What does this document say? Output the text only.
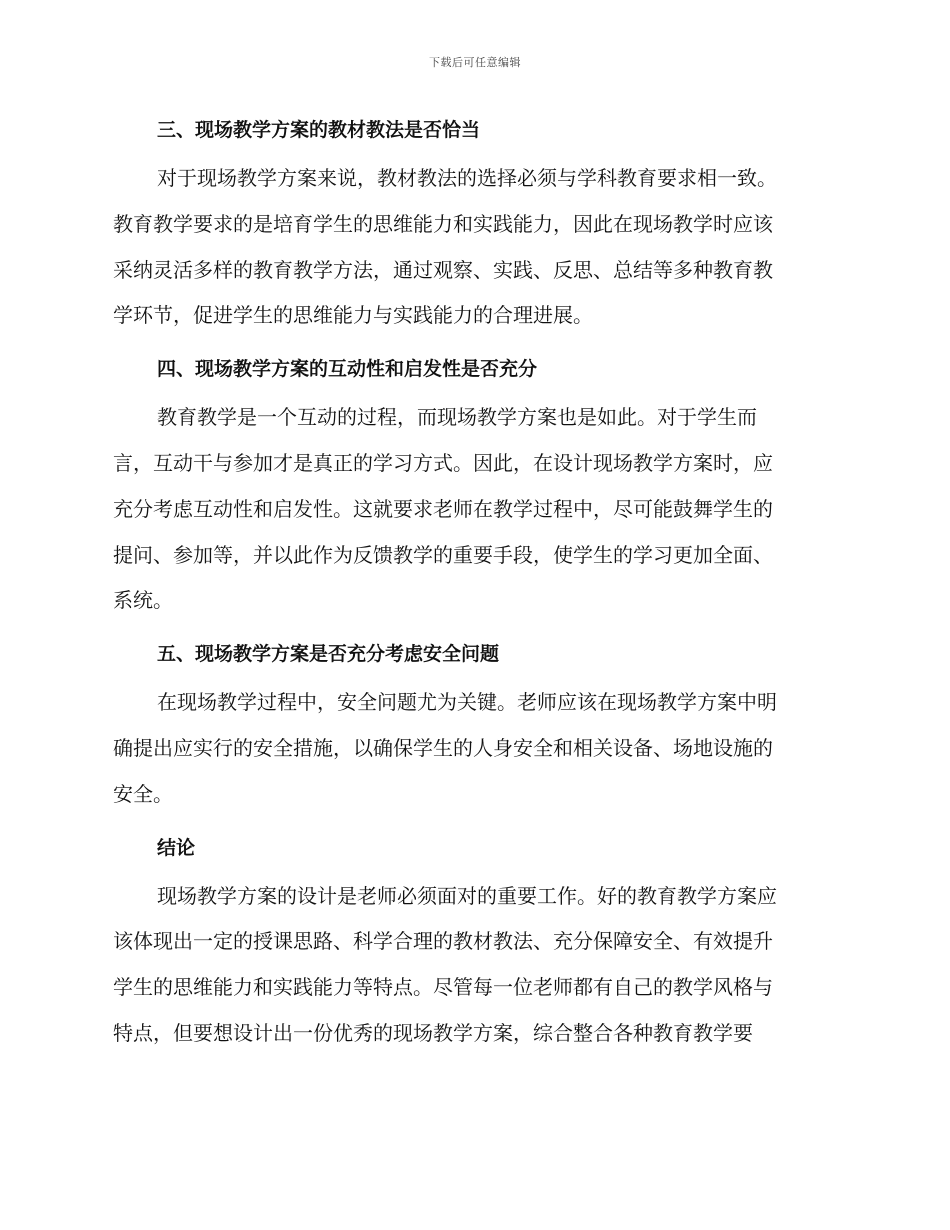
下载后可任意编辑
三、现场教学方案的教材教法是否恰当
对于现场教学方案来说，教材教法的选择必须与学科教育要求相一致。
教育教学要求的是培育学生的思维能力和实践能力，因此在现场教学时应该
采纳灵活多样的教育教学方法，通过观察、实践、反思、总结等多种教育教
学环节，促进学生的思维能力与实践能力的合理进展。
四、现场教学方案的互动性和启发性是否充分
教育教学是一个互动的过程，而现场教学方案也是如此。对于学生而
言，互动干与参加才是真正的学习方式。因此，在设计现场教学方案时，应
充分考虑互动性和启发性。这就要求老师在教学过程中，尽可能鼓舞学生的
提问、参加等，并以此作为反馈教学的重要手段，使学生的学习更加全面、
系统。
五、现场教学方案是否充分考虑安全问题
在现场教学过程中，安全问题尤为关键。老师应该在现场教学方案中明
确提出应实行的安全措施，以确保学生的人身安全和相关设备、场地设施的
安全。
结论
现场教学方案的设计是老师必须面对的重要工作。好的教育教学方案应
该体现出一定的授课思路、科学合理的教材教法、充分保障安全、有效提升
学生的思维能力和实践能力等特点。尽管每一位老师都有自己的教学风格与
特点，但要想设计出一份优秀的现场教学方案，综合整合各种教育教学要
